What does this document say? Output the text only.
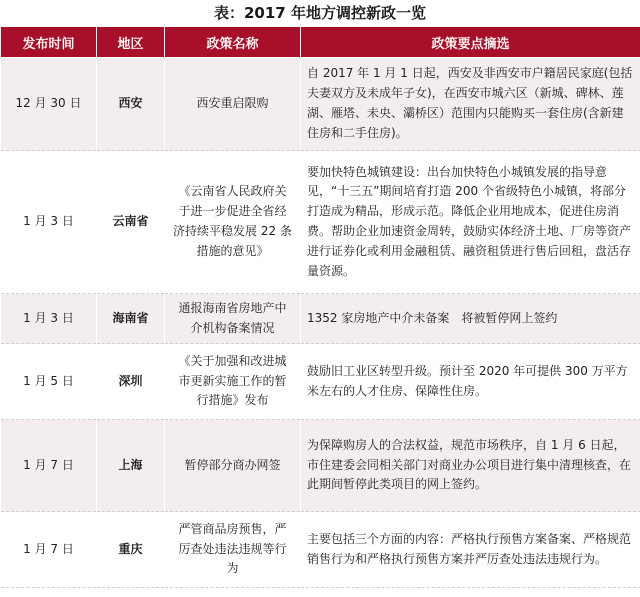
表：2017 年地方调控新政一览
发布时间	地区	政策名称	政策要点摘选
12 月 30 日	西安	西安重启限购	自 2017 年 1 月 1 日起，西安及非西安市户籍居民家庭(包括夫妻双方及未成年子女)，在西安市城六区（新城、碑林、莲湖、雁塔、未央、灞桥区）范围内只能购买一套住房(含新建住房和二手住房)。
1 月 3 日	云南省	《云南省人民政府关于进一步促进全省经济持续平稳发展 22 条措施的意见》	要加快特色城镇建设：出台加快特色小城镇发展的指导意见，“十三五”期间培育打造 200 个省级特色小城镇，将部分打造成为精品，形成示范。降低企业用地成本，促进住房消费。帮助企业加速资金周转，鼓励实体经济土地、厂房等资产进行证券化或利用金融租赁、融资租赁进行售后回租，盘活存量资源。
1 月 3 日	海南省	通报海南省房地产中介机构备案情况	1352 家房地产中介未备案　将被暂停网上签约
1 月 5 日	深圳	《关于加强和改进城市更新实施工作的暂行措施》发布	鼓励旧工业区转型升级。预计至 2020 年可提供 300 万平方米左右的人才住房、保障性住房。
1 月 7 日	上海	暂停部分商办网签	为保障购房人的合法权益，规范市场秩序，自 1 月 6 日起，市住建委会同相关部门对商业办公项目进行集中清理核查，在此期间暂停此类项目的网上签约。
1 月 7 日	重庆	严管商品房预售，严厉查处违法违规等行为	主要包括三个方面的内容：严格执行预售方案备案、严格规范销售行为和严格执行预售方案并严厉查处违法违规行为。
